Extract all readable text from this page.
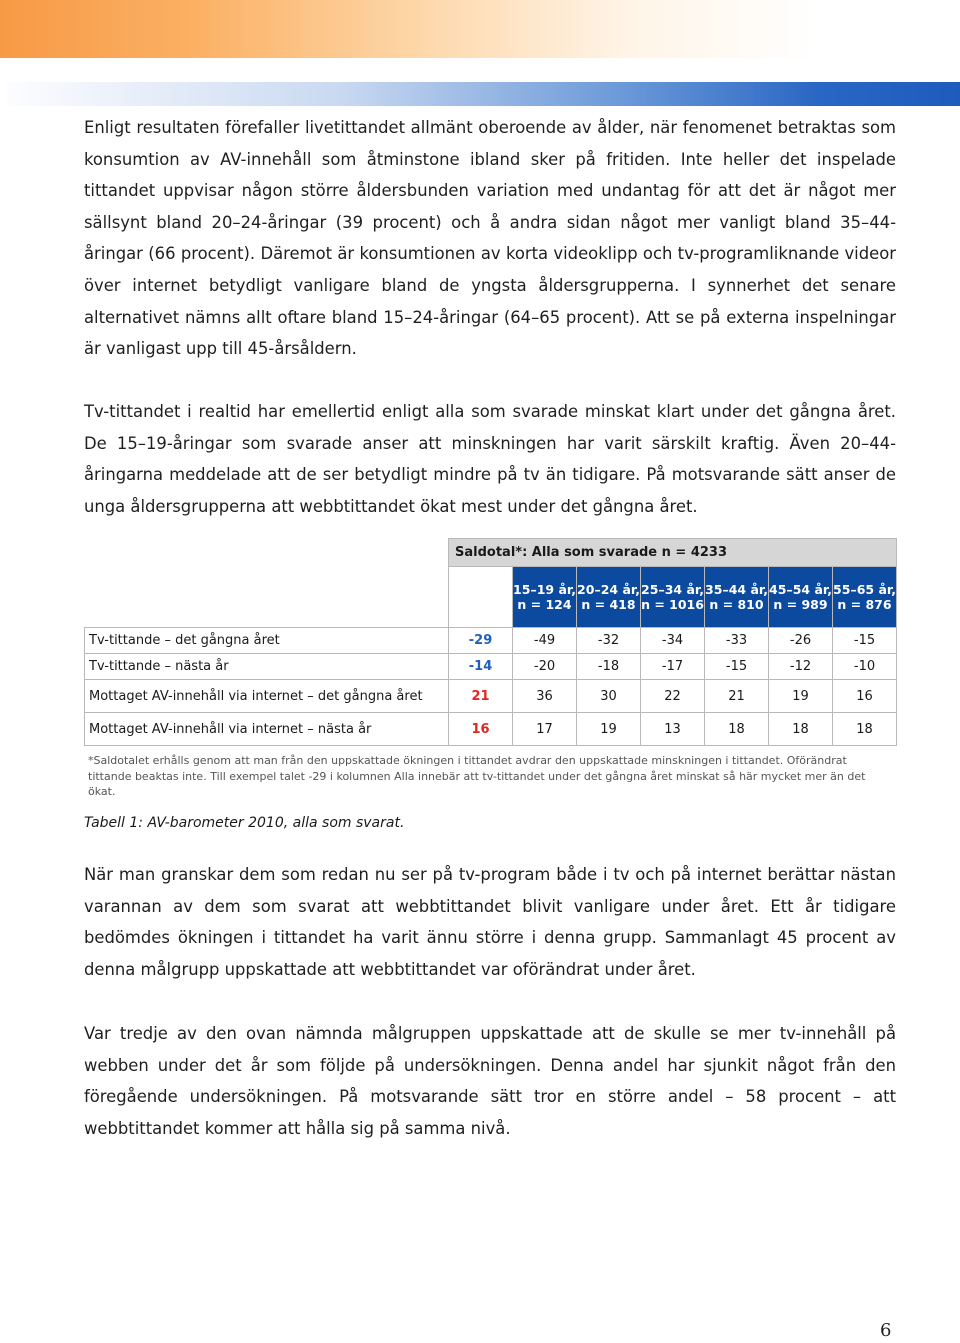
Enligt resultaten förefaller livetittandet allmänt oberoende av ålder, när fenomenet betraktas som konsumtion av AV-innehåll som åtminstone ibland sker på fritiden. Inte heller det inspelade tittandet uppvisar någon större åldersbunden variation med undantag för att det är något mer sällsynt bland 20–24-åringar (39 procent) och å andra sidan något mer vanligt bland 35–44-åringar (66 procent). Däremot är konsumtionen av korta videoklipp och tv-programliknande videor över internet betydligt vanligare bland de yngsta åldersgrupperna. I synnerhet det senare alternativet nämns allt oftare bland 15–24-åringar (64–65 procent). Att se på externa inspelningar är vanligast upp till 45-årsåldern.

Tv-tittandet i realtid har emellertid enligt alla som svarade minskat klart under det gångna året. De 15–19-åringar som svarade anser att minskningen har varit särskilt kraftig. Även 20–44-åringarna meddelade att de ser betydligt mindre på tv än tidigare. På motsvarande sätt anser de unga åldersgrupperna att webbtittandet ökat mest under det gångna året.

	Saldotal*: Alla som svarade n = 4233						
		15–19 år, n = 124	20–24 år, n = 418	25–34 år, n = 1016	35–44 år, n = 810	45–54 år, n = 989	55–65 år, n = 876
Tv-tittande – det gångna året	-29	-49	-32	-34	-33	-26	-15
Tv-tittande – nästa år	-14	-20	-18	-17	-15	-12	-10
Mottaget AV-innehåll via internet – det gångna året	21	36	30	22	21	19	16
Mottaget AV-innehåll via internet – nästa år	16	17	19	13	18	18	18

*Saldotalet erhålls genom att man från den uppskattade ökningen i tittandet avdrar den uppskattade minskningen i tittandet. Oförändrat tittande beaktas inte. Till exempel talet -29 i kolumnen Alla innebär att tv-tittandet under det gångna året minskat så här mycket mer än det ökat.

Tabell 1: AV-barometer 2010, alla som svarat.

När man granskar dem som redan nu ser på tv-program både i tv och på internet berättar nästan varannan av dem som svarat att webbtittandet blivit vanligare under året. Ett år tidigare bedömdes ökningen i tittandet ha varit ännu större i denna grupp. Sammanlagt 45 procent av denna målgrupp uppskattade att webbtittandet var oförändrat under året.

Var tredje av den ovan nämnda målgruppen uppskattade att de skulle se mer tv-innehåll på webben under det år som följde på undersökningen. Denna andel har sjunkit något från den föregående undersökningen. På motsvarande sätt tror en större andel – 58 procent – att webbtittandet kommer att hålla sig på samma nivå.

6
